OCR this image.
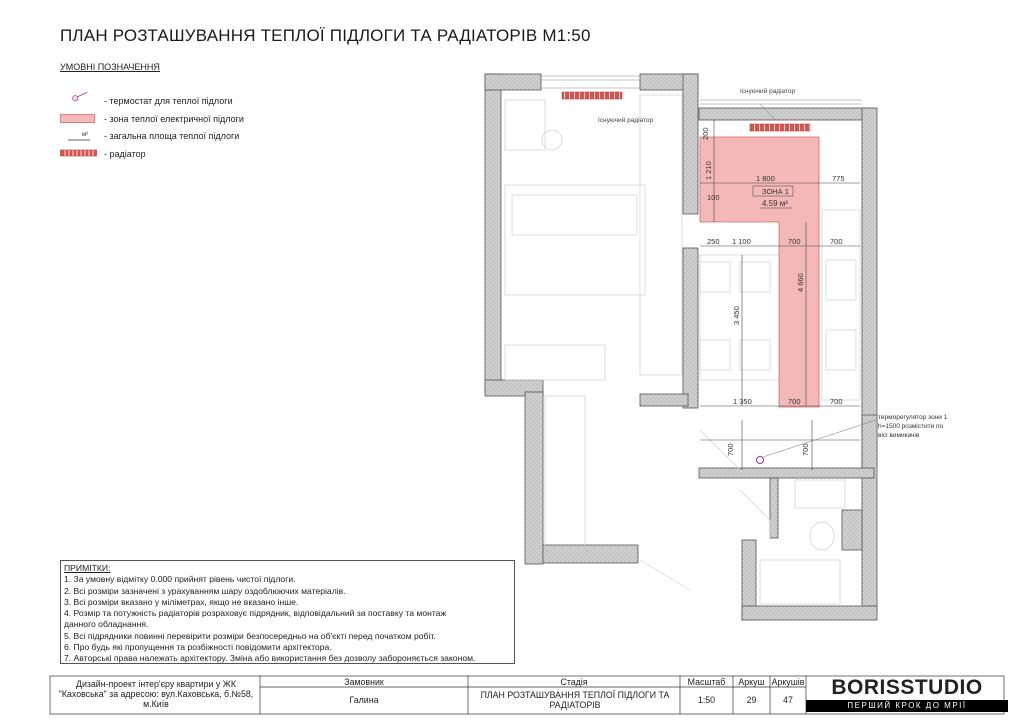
ПЛАН РОЗТАШУВАННЯ ТЕПЛОЇ ПІДЛОГИ ТА РАДІАТОРІВ М1:50
УМОВНІ ПОЗНАЧЕННЯ
T	- термостат для теплої підлоги
- зона теплої електричної підлоги
м² - загальна площа теплої підлоги
- радіатор
Існуючий радіатор
Існуючий радіатор
ЗОНА 1
4.59 м²
200
1 210	1 800	775
100
250 1 100	700	700
4 660
3 450
1 350	700	700
700	700
терморегулятор зони 1
h=1500 розмістити по
вісі вимикачів
ПРИМІТКИ:
1. За умовну відмітку 0.000 прийнят рівень чистої підлоги.
2. Всі розміри зазначені з урахуванням шару оздоблюючих матеріалів.
3. Всі розміри вказано у міліметрах, якщо не вказано інше.
4. Розмір та потужність радіаторів розраховує підрядник, відповідальний за поставку та монтаж
данного обладнання.
5. Всі підрядники повинні перевірити розміри безпосередньо на об'єкті перед початком робіт.
6. Про будь які пропущення та розбіжності повідомити архітектора.
7. Авторські права належать архітектору. Зміна або використання без дозволу забороняється законом.
Дизайн-проект інтер'єру квартири у ЖК "Каховська" за адресою: вул.Каховська, б.№58, м.Київ
Замовник
Галина
Стадія
ПЛАН РОЗТАШУВАННЯ ТЕПЛОЇ ПІДЛОГИ ТА РАДІАТОРІВ
Масштаб
1:50
Аркуш
29
Аркушів
47
BORISSTUDIO
ПЕРШИЙ КРОК ДО МРІЇ
